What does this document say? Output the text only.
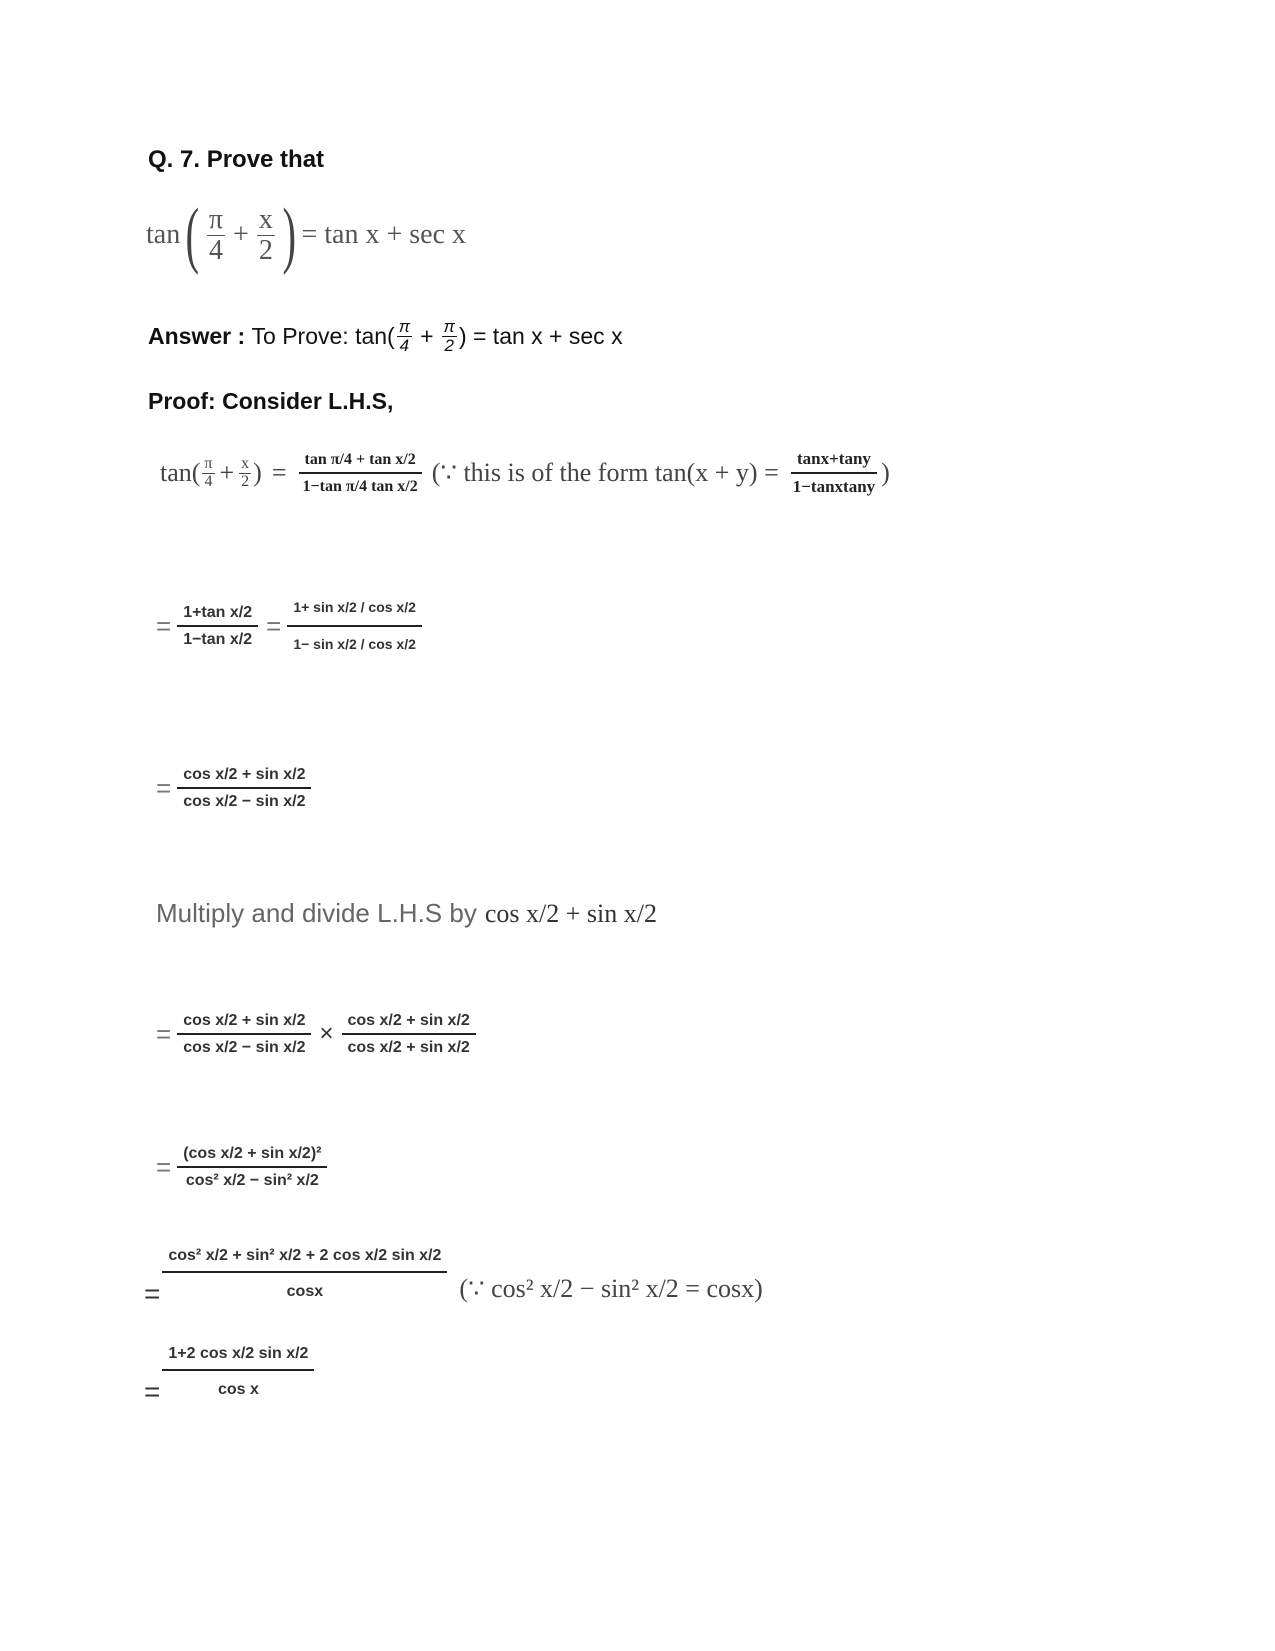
Q. 7. Prove that
tan ( $\frac{\pi}{4} + \frac{x}{2}$ ) = tan x + sec x
Answer :
To Prove: $\tan( \frac{\pi}{4} + \frac{\pi}{2}$ ) = tan x + sec x
Proof: Consider L.H.S,
$\tan( \frac{\pi}{4} + \frac{x}{2}$ ) = $\frac{\text{tan π/4 + tan x/2}}{\text{1−tan π/4 tan x/2}}$ (∵ this is of the form $\tan(x + y) = \frac{\tan x+\tan y}{\text{1−tanxtany}}$ )
= $\frac{\text{1+tan x/2}}{\text{1−tan x/2}} = \frac{\text{1+ sin x/2 / cos x/2}}{\text{1− sin x/2 / cos x/2}}$
= $\frac{\text{cos x/2 + sin x/2}}{\text{cos x/2 − sin x/2}}$
Multiply and divide L.H.S by cos x/2 + sin x/2
= $\frac{\text{cos x/2 + sin x/2}}{\text{cos x/2 − sin x/2}} \times \frac{\text{cos x/2 + sin x/2}}{\text{cos x/2 + sin x/2}}$
= $\frac{\text{(cos x/2 + sin x/2)²}}{\text{cos² x/2 − sin² x/2}}$
= $\frac{\text{cos² x/2 + sin² x/2 + 2 cos x/2 sin x/2}}{\cos x}$ (∵ cos² x/2 − sin² x/2 = cosx)
= $\frac{\text{1+2 cos x/2 sin x/2}}{\text{cos x}}$
